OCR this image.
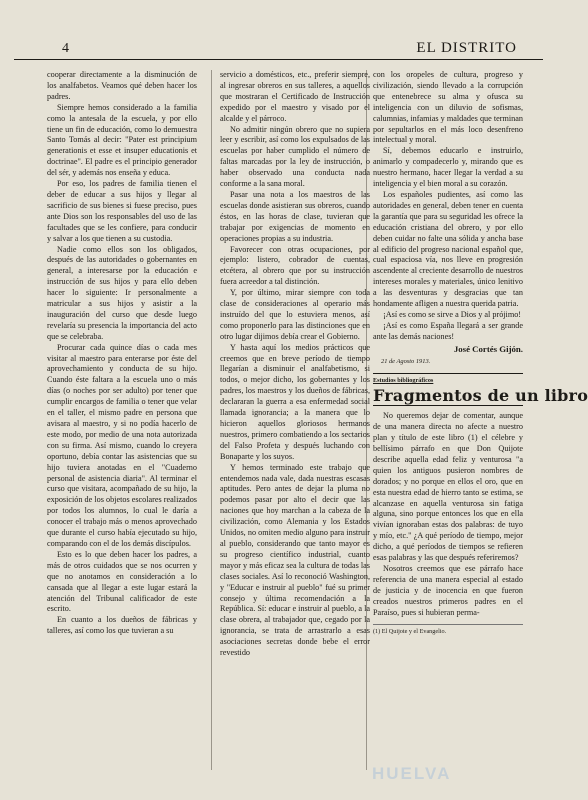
4	EL DISTRITO

cooperar directamente a la disminución de los analfabetos. Veamos qué deben hacer los padres.

Siempre hemos considerado a la familia como la antesala de la escuela, y por ello tiene un fin de educación, como lo demuestra Santo Tomás al decir: "Pater est principium generationis et esse et insuper educationis et doctrinae". El padre es el principio generador del sér, y además nos enseña y educa.

Por eso, los padres de familia tienen el deber de educar a sus hijos y llegar al sacrificio de sus bienes si fuese preciso, pues ante Dios son los responsables del uso de las facultades que se les confiere, para conducir y salvar a los que tienen a su custodia.

Nadie como ellos son los obligados, después de las autoridades o gobernantes en general, a interesarse por la educación e instrucción de sus hijos y para ello deben hacer lo siguiente: Ir personalmente a matricular a sus hijos y asistir a la inauguración del curso que desde luego revelaría su presencia la importancia del acto que se celebraba.

Procurar cada quince días o cada mes visitar al maestro para enterarse por éste del aprovechamiento y conducta de su hijo. Cuando éste faltara a la escuela uno o más días (o noches por ser adulto) por tener que cumplir encargos de familia o tener que velar en el taller, el mismo padre en persona que avisara al maestro, y si no podía hacerlo de este modo, por medio de una nota autorizada con su firma. Así mismo, cuando lo creyera oportuno, debía contar las asistencias que su hijo tuviera anotadas en el "Cuaderno personal de asistencia diaria". Al terminar el curso que visitara, acompañado de su hijo, la exposición de los objetos escolares realizados por todos los alumnos, lo cual le daría a conocer el trabajo más o menos aprovechado que durante el curso había ejecutado su hijo, comparando con el de los demás discípulos.

Esto es lo que deben hacer los padres, a más de otros cuidados que se nos ocurren y que no anotamos en consideración a lo cansada que al llegar a este lugar estará la atención del Tribunal calificador de este escrito.

En cuanto a los dueños de fábricas y talleres, así como los que tuvieran a su

servicio a domésticos, etc., preferir siempre, al ingresar obreros en sus talleres, a aquellos que mostraran el Certificado de Instrucción expedido por el maestro y visado por el alcalde y el párroco.

No admitir ningún obrero que no supiera leer y escribir, así como los expulsados de las escuelas por haber cumplido el número de faltas marcadas por la ley de instrucción, o haber observado una conducta nada conforme a la sana moral.

Pasar una nota a los maestros de las escuelas donde asistieran sus obreros, cuando éstos, en las horas de clase, tuvieran que trabajar por exigencias de momento en operaciones propias a su industria.

Favorecer con otras ocupaciones, por ejemplo: listero, cobrador de cuentas, etcétera, al obrero que por su instrucción fuera acreedor a tal distinción.

Y, por último, mirar siempre con toda clase de consideraciones al operario más instruído del que lo estuviera menos, así como proponerlo para las distinciones que en otro lugar dijimos debía crear el Gobierno.

Y hasta aquí los medios prácticos que creemos que en breve período de tiempo llegarían a disminuir el analfabetismo, si todos, o mejor dicho, los gobernantes y los padres, los maestros y los dueños de fábricas, declararan la guerra a esa enfermedad social llamada ignorancia; a la manera que lo hicieron aquellos gloriosos hermanos nuestros, primero combatiendo a los sectarios del Falso Profeta y después luchando con Bonaparte y los suyos.

Y hemos terminado este trabajo que entendemos nada vale, dada nuestras escasas aptitudes. Pero antes de dejar la pluma no podemos pasar por alto el decir que las naciones que hoy marchan a la cabeza de la civilización, como Alemania y los Estados Unidos, no omiten medio alguno para instruir al pueblo, considerando que tanto mayor es su progreso científico industrial, cuanto mayor y más eficaz sea la cultura de todas las clases sociales. Así lo reconoció Washington, y "Educar e instruir al pueblo" fué su primer consejo y última recomendación a la República. Sí: educar e instruir al pueblo, a la clase obrera, al trabajador que, cegado por la ignorancia, se trata de arrastrarlo a esas asociaciones secretas donde bebe el error revestido

con los oropeles de cultura, progreso y civilización, siendo llevado a la corrupción que entenebrece su alma y ofusca su inteligencia con un diluvio de sofismas, calumnias, infamias y maldades que terminan por sepultarlos en el más loco desenfreno intelectual y moral.

Sí, debemos educarlo e instruirlo, animarlo y compadecerlo y, mirando que es nuestro hermano, hacer llegar la verdad a su inteligencia y el bien moral a su corazón.

Los españoles pudientes, así como las autoridades en general, deben tener en cuenta la garantía que para su seguridad les ofrece la educación cristiana del obrero, y por ello deben cuidar no falte una sólida y ancha base al edificio del progreso nacional español que, cual espaciosa vía, nos lleve en progresión ascendente al creciente desarrollo de nuestros intereses morales y materiales, único lenitivo a las desventuras y desgracias que tan hondamente afligen a nuestra querida patria.

¡Así es como se sirve a Dios y al prójimo!

¡Así es como España llegará a ser grande ante las demás naciones!

José Cortés Gijón.
21 de Agosto 1913.
Estudios bibliográficos
Fragmentos de un libro

No queremos dejar de comentar, aunque de una manera directa no afecte a nuestro plan y título de este libro (1) el célebre y bellísimo párrafo en que Don Quijote describe aquella edad feliz y venturosa "a quien los antiguos pusieron nombres de dorados; y no porque en ellos el oro, que en esta nuestra edad de hierro tanto se estima, se alcanzase en aquella venturosa sin fatiga alguna, sino porque entonces los que en ella vivían ignoraban estas dos palabras: de tuyo y mío, etc." ¿A qué período de tiempo, mejor dicho, a qué períodos de tiempos se refieren esas palabras y las que después referiremos?

Nosotros creemos que ese párrafo hace referencia de una manera especial al estado de justicia y de inocencia en que fueron creados nuestros primeros padres en el Paraíso, pues si hubieran perma-

(1) El Quijote y el Evangelio.
HUELVA
